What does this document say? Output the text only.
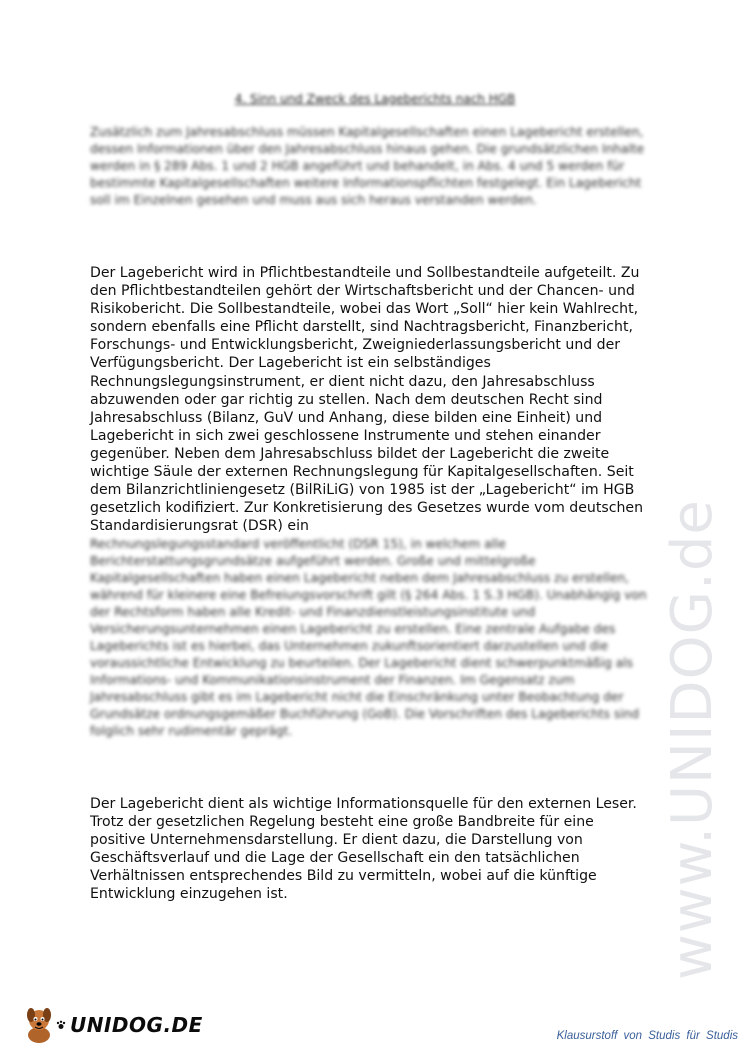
4. Sinn und Zweck des Lageberichts nach HGB

Zusätzlich zum Jahresabschluss müssen Kapitalgesellschaften einen Lagebericht erstellen, dessen Informationen über den Jahresabschluss hinaus gehen. Die grundsätzlichen Inhalte werden in § 289 Abs. 1 und 2 HGB angeführt und behandelt, in Abs. 4 und 5 werden für bestimmte Kapitalgesellschaften weitere Informationspflichten festgelegt. Ein Lagebericht soll im Einzelnen gesehen und muss aus sich heraus verstanden werden.

Der Lagebericht wird in Pflichtbestandteile und Sollbestandteile aufgeteilt. Zu den Pflichtbestandteilen gehört der Wirtschaftsbericht und der Chancen- und Risikobericht. Die Sollbestandteile, wobei das Wort „Soll“ hier kein Wahlrecht, sondern ebenfalls eine Pflicht darstellt, sind Nachtragsbericht, Finanzbericht, Forschungs- und Entwicklungsbericht, Zweigniederlassungsbericht und der Verfügungsbericht. Der Lagebericht ist ein selbständiges Rechnungslegungsinstrument, er dient nicht dazu, den Jahresabschluss abzuwenden oder gar richtig zu stellen. Nach dem deutschen Recht sind Jahresabschluss (Bilanz, GuV und Anhang, diese bilden eine Einheit) und Lagebericht in sich zwei geschlossene Instrumente und stehen einander gegenüber. Neben dem Jahresabschluss bildet der Lagebericht die zweite wichtige Säule der externen Rechnungslegung für Kapitalgesellschaften. Seit dem Bilanzrichtliniengesetz (BilRiLiG) von 1985 ist der „Lagebericht“ im HGB gesetzlich kodifiziert. Zur Konkretisierung des Gesetzes wurde vom deutschen Standardisierungsrat (DSR) ein
Rechnungslegungsstandard veröffentlicht (DSR 15), in welchem alle Berichterstattungsgrundsätze aufgeführt werden. Große und mittelgroße Kapitalgesellschaften haben einen Lagebericht neben dem Jahresabschluss zu erstellen, während für kleinere eine Befreiungsvorschrift gilt (§ 264 Abs. 1 S.3 HGB). Unabhängig von der Rechtsform haben alle Kredit- und Finanzdienstleistungsinstitute und Versicherungsunternehmen einen Lagebericht zu erstellen. Eine zentrale Aufgabe des Lageberichts ist es hierbei, das Unternehmen zukunftsorientiert darzustellen und die voraussichtliche Entwicklung zu beurteilen. Der Lagebericht dient schwerpunktmäßig als Informations- und Kommunikationsinstrument der Finanzen. Im Gegensatz zum Jahresabschluss gibt es im Lagebericht nicht die Einschränkung unter Beobachtung der Grundsätze ordnungsgemäßer Buchführung (GoB). Die Vorschriften des Lageberichts sind folglich sehr rudimentär geprägt.

Der Lagebericht dient als wichtige Informationsquelle für den externen Leser. Trotz der gesetzlichen Regelung besteht eine große Bandbreite für eine positive Unternehmensdarstellung. Er dient dazu, die Darstellung von Geschäftsverlauf und die Lage der Gesellschaft ein den tatsächlichen Verhältnissen entsprechendes Bild zu vermitteln, wobei auf die künftige Entwicklung einzugehen ist.	www.UNIDOG.de
UNIDOG.DE	Klausurstoff von Studis für Studis
